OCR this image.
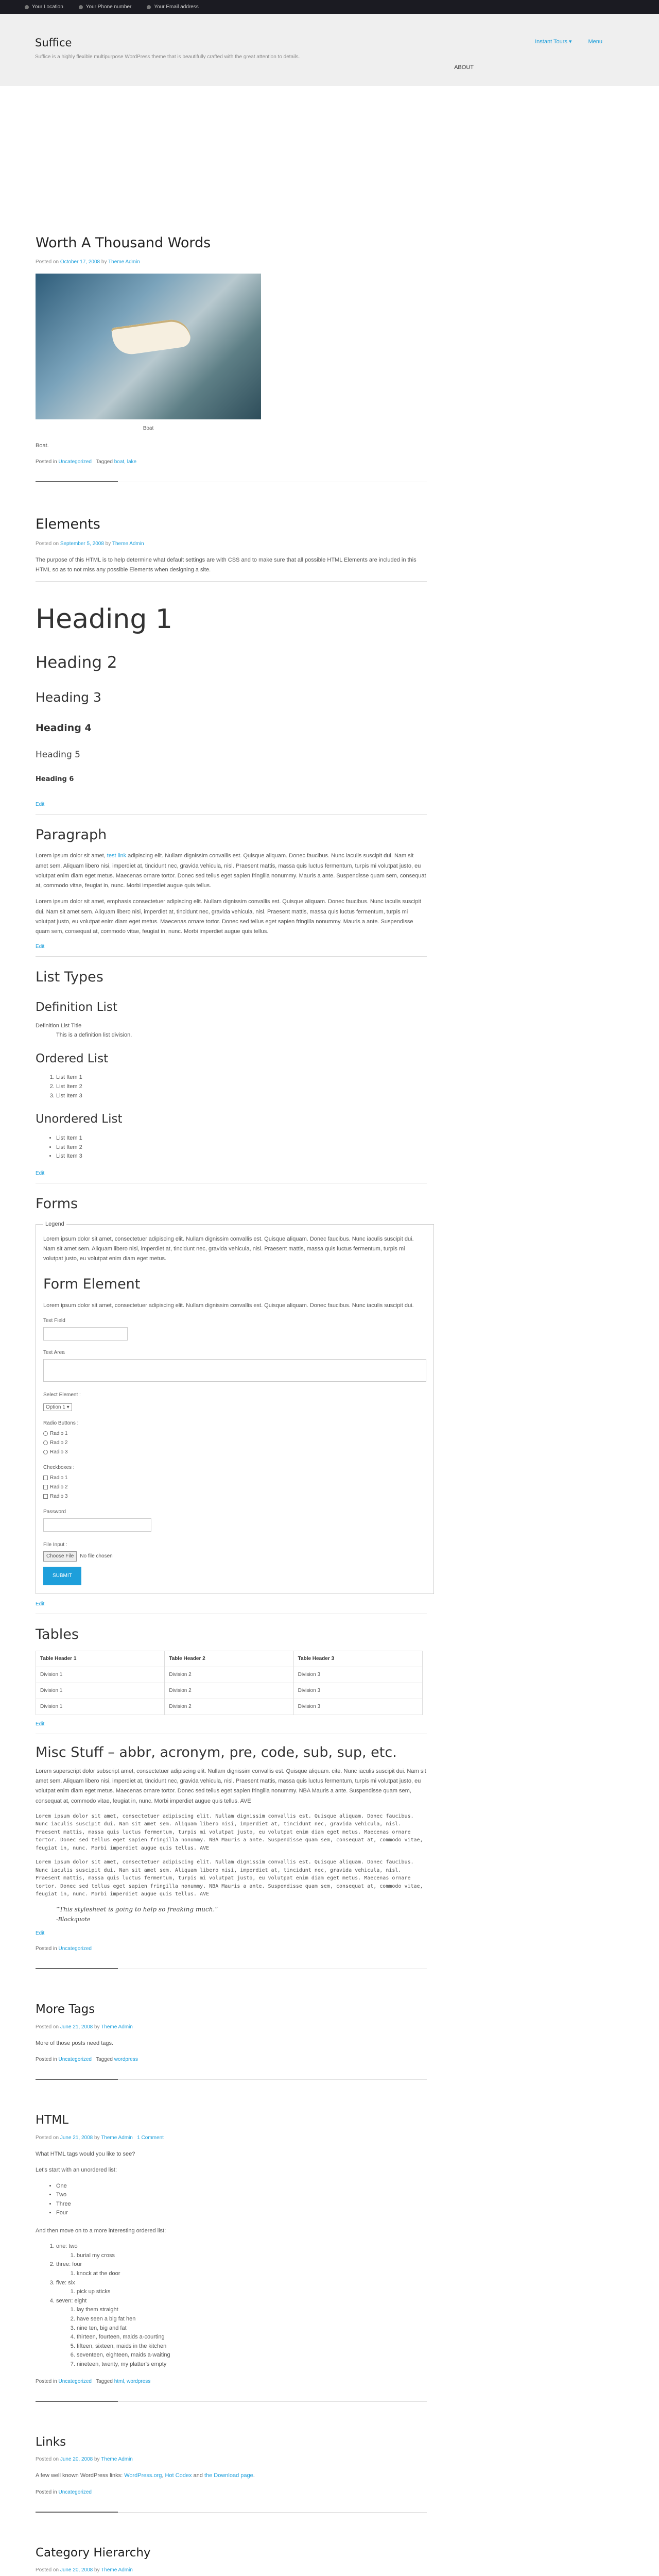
Your Location	Your Phone number	Your Email address
Suffice
Suffice is a highly flexible multipurpose WordPress theme that is beautifully crafted with the great attention to details.
Instant Tours ▾	Menu
ABOUT
Worth A Thousand Words
Posted on October 17, 2008 by Theme Admin
Boat

Boat.

Posted in Uncategorized Tagged boat, lake
Elements
Posted on September 5, 2008 by Theme Admin

The purpose of this HTML is to help determine what default settings are with CSS and to make sure that all possible HTML Elements are included in this HTML so as to not miss any possible Elements when designing a site.

Heading 1
Heading 2
Heading 3
Heading 4
Heading 5
Heading 6
Edit
Paragraph

Lorem ipsum dolor sit amet, test link adipiscing elit. Nullam dignissim convallis est. Quisque aliquam. Donec faucibus. Nunc iaculis suscipit dui. Nam sit amet sem. Aliquam libero nisi, imperdiet at, tincidunt nec, gravida vehicula, nisl. Praesent mattis, massa quis luctus fermentum, turpis mi volutpat justo, eu volutpat enim diam eget metus. Maecenas ornare tortor. Donec sed tellus eget sapien fringilla nonummy. Mauris a ante. Suspendisse quam sem, consequat at, commodo vitae, feugiat in, nunc. Morbi imperdiet augue quis tellus.

Lorem ipsum dolor sit amet, emphasis consectetuer adipiscing elit. Nullam dignissim convallis est. Quisque aliquam. Donec faucibus. Nunc iaculis suscipit dui. Nam sit amet sem. Aliquam libero nisi, imperdiet at, tincidunt nec, gravida vehicula, nisl. Praesent mattis, massa quis luctus fermentum, turpis mi volutpat justo, eu volutpat enim diam eget metus. Maecenas ornare tortor. Donec sed tellus eget sapien fringilla nonummy. Mauris a ante. Suspendisse quam sem, consequat at, commodo vitae, feugiat in, nunc. Morbi imperdiet augue quis tellus.

Edit
List Types
Definition List
Definition List Title
This is a definition list division.
Ordered List
1. List Item 1
2. List Item 2
3. List Item 3
Unordered List
• List Item 1
• List Item 2
• List Item 3
Edit
Forms
Legend

Lorem ipsum dolor sit amet, consectetuer adipiscing elit. Nullam dignissim convallis est. Quisque aliquam. Donec faucibus. Nunc iaculis suscipit dui. Nam sit amet sem. Aliquam libero nisi, imperdiet at, tincidunt nec, gravida vehicula, nisl. Praesent mattis, massa quis luctus fermentum, turpis mi volutpat justo, eu volutpat enim diam eget metus.

Form Element

Lorem ipsum dolor sit amet, consectetuer adipiscing elit. Nullam dignissim convallis est. Quisque aliquam. Donec faucibus. Nunc iaculis suscipit dui.

Text Field
Text Area
Select Element :
Option 1 ▾
Radio Buttons :
Radio 1
Radio 2
Radio 3
Checkboxes :
Radio 1
Radio 2
Radio 3
Password
File Input :
Choose File	No file chosen
SUBMIT
Edit
Tables
Table Header 1	Table Header 2	Table Header 3
Division 1	Division 2	Division 3
Division 1	Division 2	Division 3
Division 1	Division 2	Division 3
Edit
Misc Stuff – abbr, acronym, pre, code, sub, sup, etc.

Lorem superscript dolor subscript amet, consectetuer adipiscing elit. Nullam dignissim convallis est. Quisque aliquam. cite. Nunc iaculis suscipit dui. Nam sit amet sem. Aliquam libero nisi, imperdiet at, tincidunt nec, gravida vehicula, nisl. Praesent mattis, massa quis luctus fermentum, turpis mi volutpat justo, eu volutpat enim diam eget metus. Maecenas ornare tortor. Donec sed tellus eget sapien fringilla nonummy. NBA Mauris a ante. Suspendisse quam sem, consequat at, commodo vitae, feugiat in, nunc. Morbi imperdiet augue quis tellus. AVE

Lorem ipsum dolor sit amet, consectetuer adipiscing elit. Nullam dignissim convallis est. Quisque aliquam. Donec faucibus. Nunc iaculis suscipit dui. Nam sit amet sem. Aliquam libero nisi, imperdiet at, tincidunt nec, gravida vehicula, nisl. Praesent mattis, massa quis luctus fermentum, turpis mi volutpat justo, eu volutpat enim diam eget metus. Maecenas ornare tortor. Donec sed tellus eget sapien fringilla nonummy. NBA Mauris a ante. Suspendisse quam sem, consequat at, commodo vitae, feugiat in, nunc. Morbi imperdiet augue quis tellus. AVE
Lorem ipsum dolor sit amet, consectetuer adipiscing elit. Nullam dignissim convallis est. Quisque aliquam. Donec faucibus. Nunc iaculis suscipit dui. Nam sit amet sem. Aliquam libero nisi, imperdiet at, tincidunt nec, gravida vehicula, nisl. Praesent mattis, massa quis luctus fermentum, turpis mi volutpat justo, eu volutpat enim diam eget metus. Maecenas ornare tortor. Donec sed tellus eget sapien fringilla nonummy. NBA Mauris a ante. Suspendisse quam sem, consequat at, commodo vitae, feugiat in, nunc. Morbi imperdiet augue quis tellus. AVE
“This stylesheet is going to help so freaking much.”
-Blockquote
Edit
Posted in Uncategorized
More Tags
Posted on June 21, 2008 by Theme Admin

More of those posts need tags.

Posted in Uncategorized Tagged wordpress
HTML
Posted on June 21, 2008 by Theme Admin 1 Comment

What HTML tags would you like to see?

Let's start with an unordered list:

• One
• Two
• Three
• Four

And then move on to a more interesting ordered list:

1. one: two
1. burial my cross
2. three: four
1. knock at the door
3. five: six
1. pick up sticks
4. seven: eight
1. lay them straight
2. have seen a big fat hen
3. nine ten, big and fat
4. thirteen, fourteen, maids a-courting
5. fifteen, sixteen, maids in the kitchen
6. seventeen, eighteen, maids a-waiting
7. nineteen, twenty, my platter's empty
Posted in Uncategorized Tagged html, wordpress
Links
Posted on June 20, 2008 by Theme Admin

A few well known WordPress links: WordPress.org, Hot Codex and the Download page.

Posted in Uncategorized
Category Hierarchy
Posted on June 20, 2008 by Theme Admin
